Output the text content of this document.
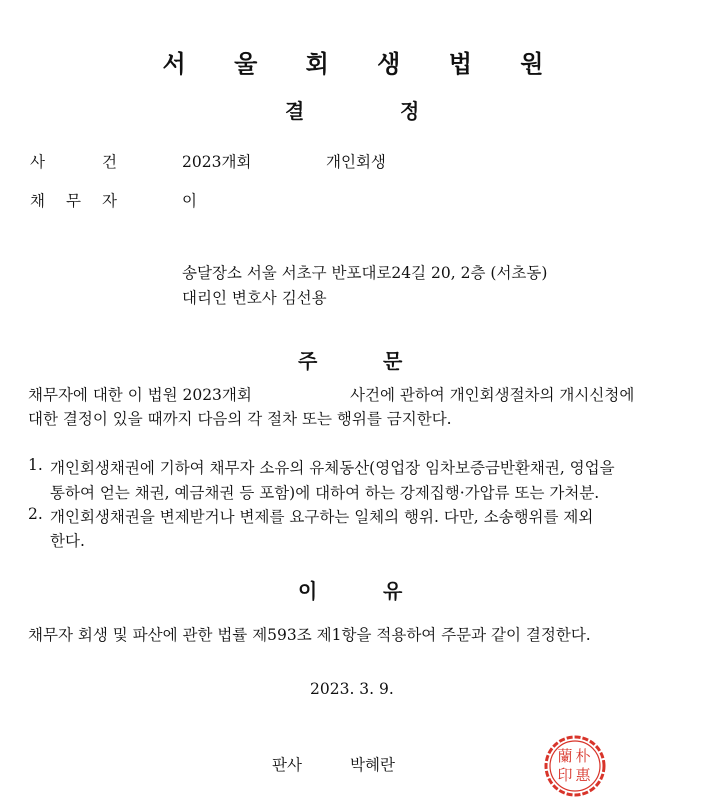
서 울 회 생 법 원
결	정
사	건	2023개회	개인회생
채 무 자	이
송달장소 서울 서초구 반포대로24길 20, 2층 (서초동)
대리인 변호사 김선용
주	문
채무자에 대한 이 법원 2023개회	사건에 관하여 개인회생절차의 개시신청에
대한 결정이 있을 때까지 다음의 각 절차 또는 행위를 금지한다.
1. 개인회생채권에 기하여 채무자 소유의 유체동산(영업장 임차보증금반환채권, 영업을
통하여 얻는 채권, 예금채권 등 포함)에 대하여 하는 강제집행·가압류 또는 가처분.
2. 개인회생채권을 변제받거나 변제를 요구하는 일체의 행위. 다만, 소송행위를 제외
한다.
이	유
채무자 회생 및 파산에 관한 법률 제593조 제1항을 적용하여 주문과 같이 결정한다.
2023. 3. 9.
판사	박혜란	朴
惠
蘭
印
